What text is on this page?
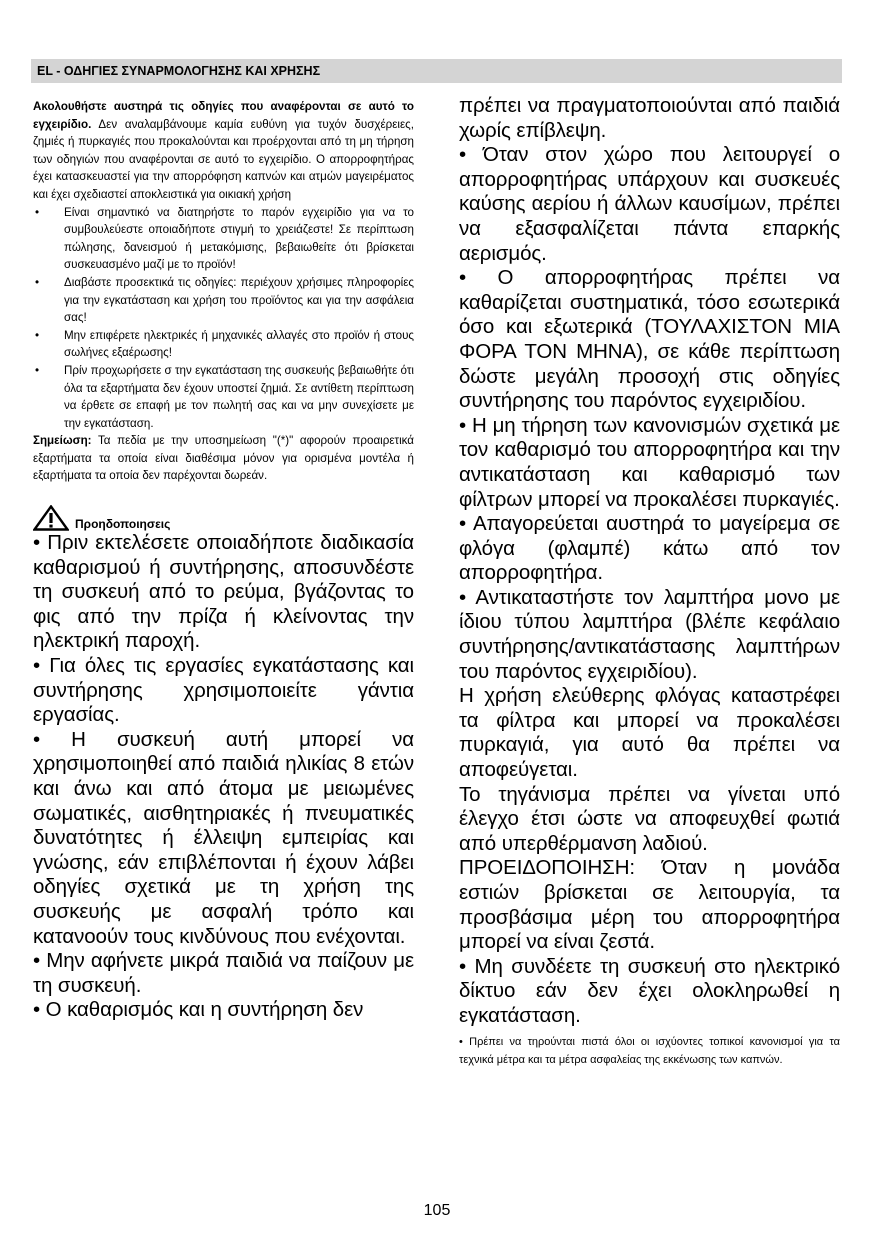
EL - ΟΔΗΓΙΕΣ ΣΥΝΑΡΜΟΛΟΓΗΣΗΣ ΚΑΙ ΧΡΗΣΗΣ

Ακολουθήστε αυστηρά τις οδηγίες που αναφέρονται σε αυτό το εγχειρίδιο. Δεν αναλαμβάνουμε καμία ευθύνη για τυχόν δυσχέρειες, ζημιές ή πυρκαγιές που προκαλούνται και προέρχονται από τη μη τήρηση των οδηγιών που αναφέρονται σε αυτό το εγχειρίδιο. Ο απορροφητήρας έχει κατασκευαστεί για την απορρόφηση καπνών και ατμών μαγειρέματος και έχει σχεδιαστεί αποκλειστικά για οικιακή χρήση

• Είναι σημαντικό να διατηρήστε το παρόν εγχειρίδιο για να το συμβουλεύεστε οποιαδήποτε στιγμή το χρειάζεστε! Σε περίπτωση πώλησης, δανεισμού ή μετακόμισης, βεβαιωθείτε ότι βρίσκεται συσκευασμένο μαζί με το προϊόν!
• Διαβάστε προσεκτικά τις οδηγίες: περιέχουν χρήσιμες πληροφορίες για την εγκατάσταση και χρήση του προϊόντος και για την ασφάλεια σας!
• Μην επιφέρετε ηλεκτρικές ή μηχανικές αλλαγές στο προϊόν ή στους σωλήνες εξαέρωσης!
• Πρίν προχωρήσετε σ την εγκατάσταση της συσκευής βεβαιωθήτε ότι όλα τα εξαρτήματα δεν έχουν υποστεί ζημιά. Σε αντίθετη περίπτωση να έρθετε σε επαφή με τον πωλητή σας και να μην συνεχίσετε με την εγκατάσταση.

Σημείωση: Τα πεδία με την υποσημείωση "(*)" αφορούν προαιρετικά εξαρτήματα τα οποία είναι διαθέσιμα μόνον για ορισμένα μοντέλα ή εξαρτήματα τα οποία δεν παρέχονται δωρεάν.

Προηδοποιησεις

• Πριν εκτελέσετε οποιαδήποτε διαδικασία καθαρισμού ή συντήρησης, αποσυνδέστε τη συσκευή από το ρεύμα, βγάζοντας το φις από την πρίζα ή κλείνοντας την ηλεκτρική παροχή.

• Για όλες τις εργασίες εγκατάστασης και συντήρησης χρησιμοποιείτε γάντια εργασίας.

• Η συσκευή αυτή μπορεί να χρησιμοποιηθεί από παιδιά ηλικίας 8 ετών και άνω και από άτομα με μειωμένες σωματικές, αισθητηριακές ή πνευματικές δυνατότητες ή έλλειψη εμπειρίας και γνώσης, εάν επιβλέπονται ή έχουν λάβει οδηγίες σχετικά με τη χρήση της συσκευής με ασφαλή τρόπο και κατανοούν τους κινδύνους που ενέχονται.

• Μην αφήνετε μικρά παιδιά να παίζουν με τη συσκευή.

• Ο καθαρισμός και η συντήρηση δεν

πρέπει να πραγματοποιούνται από παιδιά χωρίς επίβλεψη.

• Όταν στον χώρο που λειτουργεί ο απορροφητήρας υπάρχουν και συσκευές καύσης αερίου ή άλλων καυσίμων, πρέπει να εξασφαλίζεται πάντα επαρκής αερισμός.

• Ο απορροφητήρας πρέπει να καθαρίζεται συστηματικά, τόσο εσωτερικά όσο και εξωτερικά (ΤΟΥΛΑΧΙΣΤΟΝ ΜΙΑ ΦΟΡΑ ΤΟΝ ΜΗΝΑ), σε κάθε περίπτωση δώστε μεγάλη προσοχή στις οδηγίες συντήρησης του παρόντος εγχειριδίου.

• Η μη τήρηση των κανονισμών σχετικά με τον καθαρισμό του απορροφητήρα και την αντικατάσταση και καθαρισμό των φίλτρων μπορεί να προκαλέσει πυρκαγιές.

• Απαγορεύεται αυστηρά το μαγείρεμα σε φλόγα (φλαμπέ) κάτω από τον απορροφητήρα.

• Αντικαταστήστε τον λαμπτήρα μονο με ίδιου τύπου λαμπτήρα (βλέπε κεφάλαιο συντήρησης/αντικατάστασης λαμπτήρων του παρόντος εγχειριδίου).

Η χρήση ελεύθερης φλόγας καταστρέφει τα φίλτρα και μπορεί να προκαλέσει πυρκαγιά, για αυτό θα πρέπει να αποφεύγεται.

Το τηγάνισμα πρέπει να γίνεται υπό έλεγχο έτσι ώστε να αποφευχθεί φωτιά από υπερθέρμανση λαδιού.

ΠΡΟΕΙΔΟΠΟΙΗΣΗ: Όταν η μονάδα εστιών βρίσκεται σε λειτουργία, τα προσβάσιμα μέρη του απορροφητήρα μπορεί να είναι ζεστά.

• Μη συνδέετε τη συσκευή στο ηλεκτρικό δίκτυο εάν δεν έχει ολοκληρωθεί η εγκατάσταση.

• Πρέπει να τηρούνται πιστά όλοι οι ισχύοντες τοπικοί κανονισμοί για τα τεχνικά μέτρα και τα μέτρα ασφαλείας της εκκένωσης των καπνών.

105
